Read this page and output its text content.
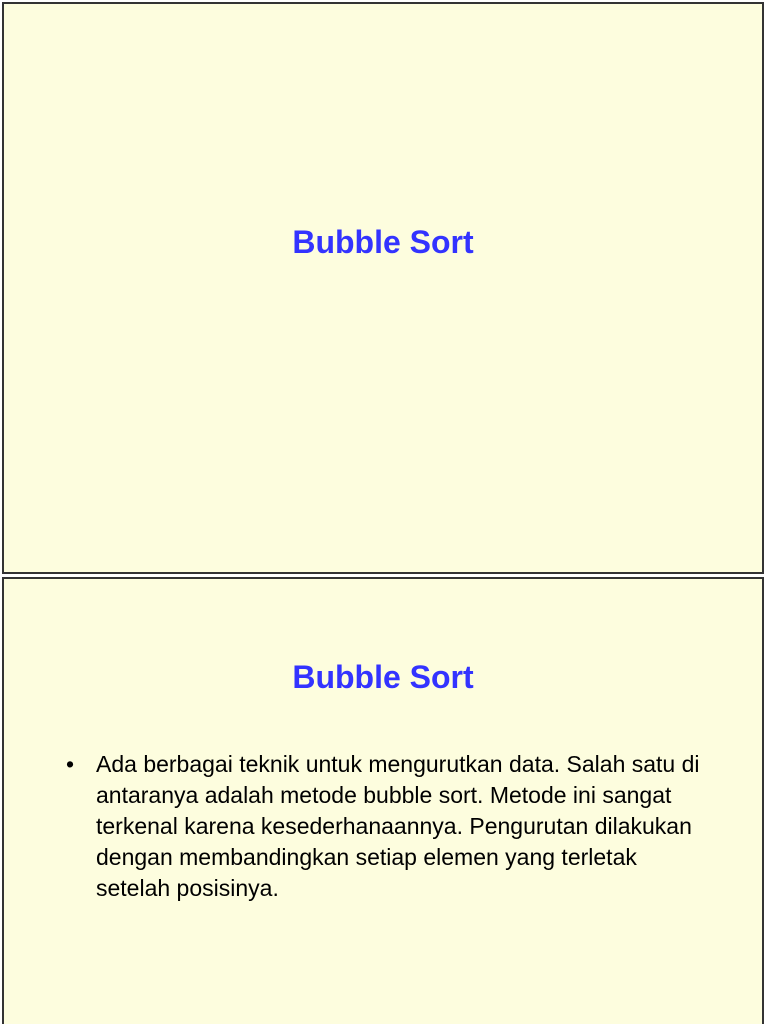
Bubble Sort
Bubble Sort
• Ada berbagai teknik untuk mengurutkan data. Salah satu di antaranya adalah metode bubble sort. Metode ini sangat terkenal karena kesederhanaannya. Pengurutan dilakukan dengan membandingkan setiap elemen yang terletak setelah posisinya.
